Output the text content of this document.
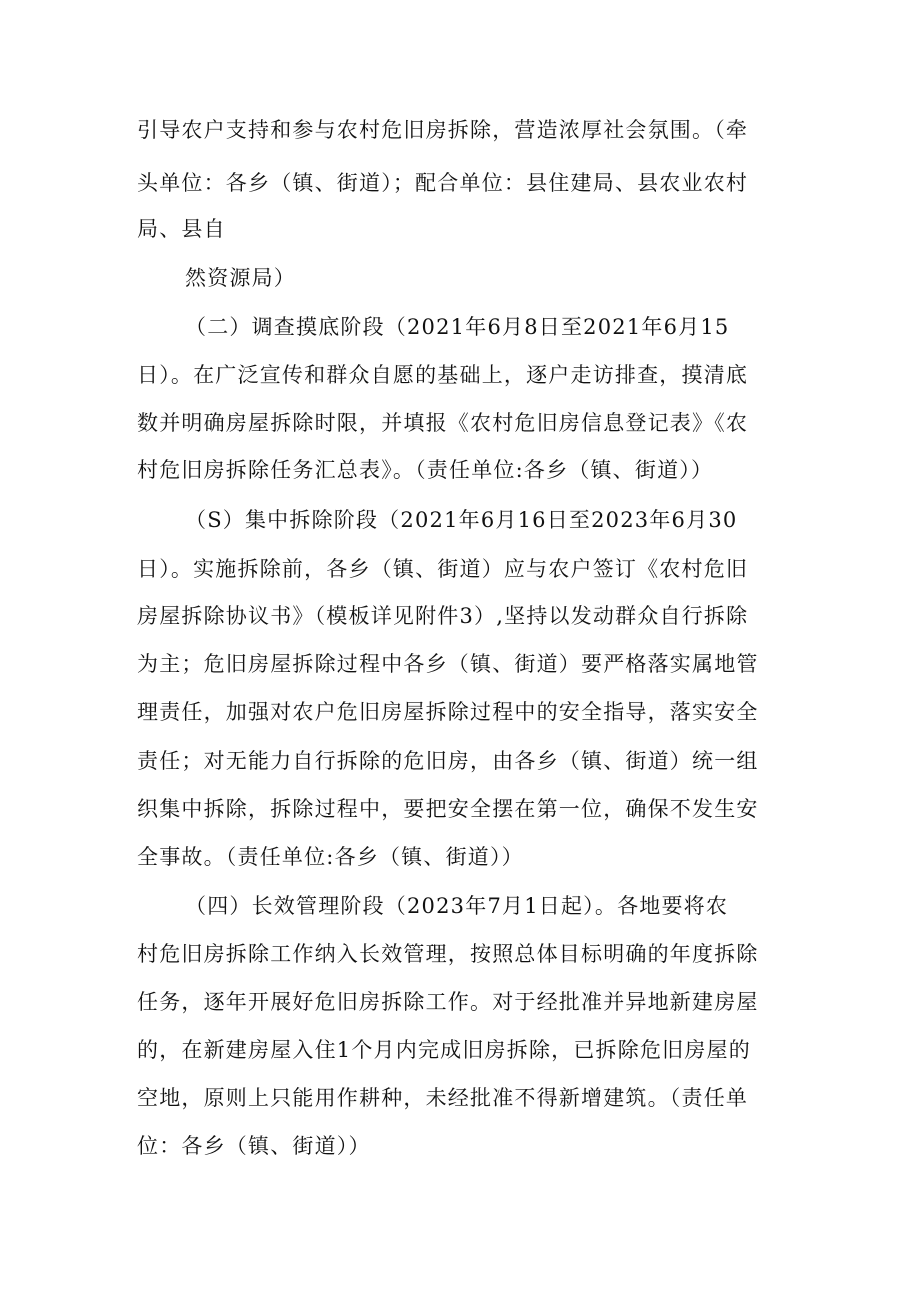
引导农户支持和参与农村危旧房拆除，营造浓厚社会氛围。（牵
头单位：各乡（镇、街道）；配合单位：县住建局、县农业农村
局、县自
然资源局）
（二）调查摸底阶段（2021年6月8日至2021年6月15
日）。在广泛宣传和群众自愿的基础上，逐户走访排查，摸清底
数并明确房屋拆除时限，并填报《农村危旧房信息登记表》《农
村危旧房拆除任务汇总表》。（责任单位:各乡（镇、街道））
（S）集中拆除阶段（2021年6月16日至2023年6月30
日）。实施拆除前，各乡（镇、街道）应与农户签订《农村危旧
房屋拆除协议书》（模板详见附件3）,坚持以发动群众自行拆除
为主；危旧房屋拆除过程中各乡（镇、街道）要严格落实属地管
理责任，加强对农户危旧房屋拆除过程中的安全指导，落实安全
责任；对无能力自行拆除的危旧房，由各乡（镇、街道）统一组
织集中拆除，拆除过程中，要把安全摆在第一位，确保不发生安
全事故。（责任单位:各乡（镇、街道））
（四）长效管理阶段（2023年7月1日起）。各地要将农
村危旧房拆除工作纳入长效管理，按照总体目标明确的年度拆除
任务，逐年开展好危旧房拆除工作。对于经批准并异地新建房屋
的，在新建房屋入住1个月内完成旧房拆除，已拆除危旧房屋的
空地，原则上只能用作耕种，未经批准不得新增建筑。（责任单
位：各乡（镇、街道））
